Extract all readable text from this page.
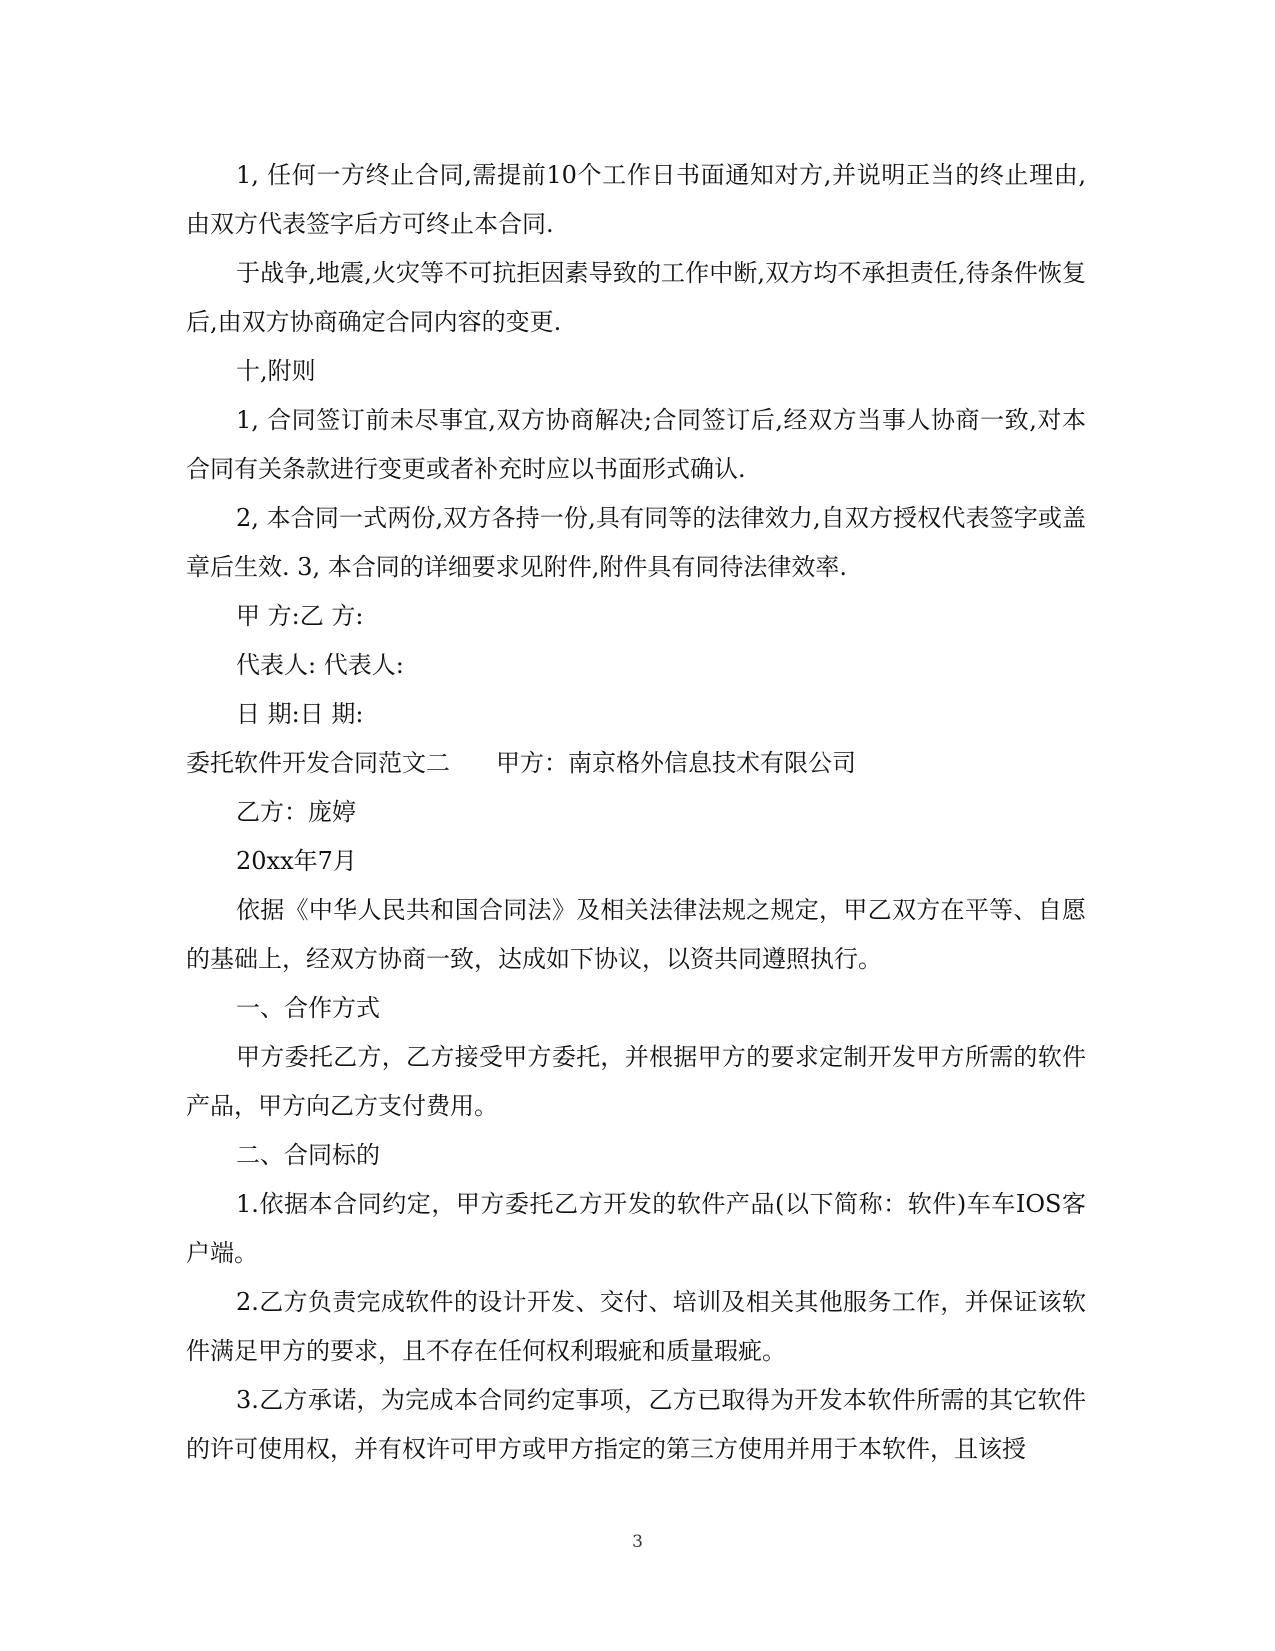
1, 任何一方终止合同,需提前10个工作日书面通知对方,并说明正当的终止理由,由双方代表签字后方可终止本合同.

于战争,地震,火灾等不可抗拒因素导致的工作中断,双方均不承担责任,待条件恢复后,由双方协商确定合同内容的变更.

十,附则

1, 合同签订前未尽事宜,双方协商解决;合同签订后,经双方当事人协商一致,对本合同有关条款进行变更或者补充时应以书面形式确认.

2, 本合同一式两份,双方各持一份,具有同等的法律效力,自双方授权代表签字或盖章后生效. 3, 本合同的详细要求见附件,附件具有同待法律效率.

甲 方:乙 方:

代表人: 代表人:

日 期:日 期:

委托软件开发合同范文二 甲方：南京格外信息技术有限公司

乙方：庞婷

20xx年7月

依据《中华人民共和国合同法》及相关法律法规之规定，甲乙双方在平等、自愿的基础上，经双方协商一致，达成如下协议，以资共同遵照执行。

一、合作方式

甲方委托乙方，乙方接受甲方委托，并根据甲方的要求定制开发甲方所需的软件产品，甲方向乙方支付费用。

二、合同标的

1.依据本合同约定，甲方委托乙方开发的软件产品(以下简称：软件)车车IOS客户端。

2.乙方负责完成软件的设计开发、交付、培训及相关其他服务工作，并保证该软件满足甲方的要求，且不存在任何权利瑕疵和质量瑕疵。

3.乙方承诺，为完成本合同约定事项，乙方已取得为开发本软件所需的其它软件的许可使用权，并有权许可甲方或甲方指定的第三方使用并用于本软件，且该授

3
